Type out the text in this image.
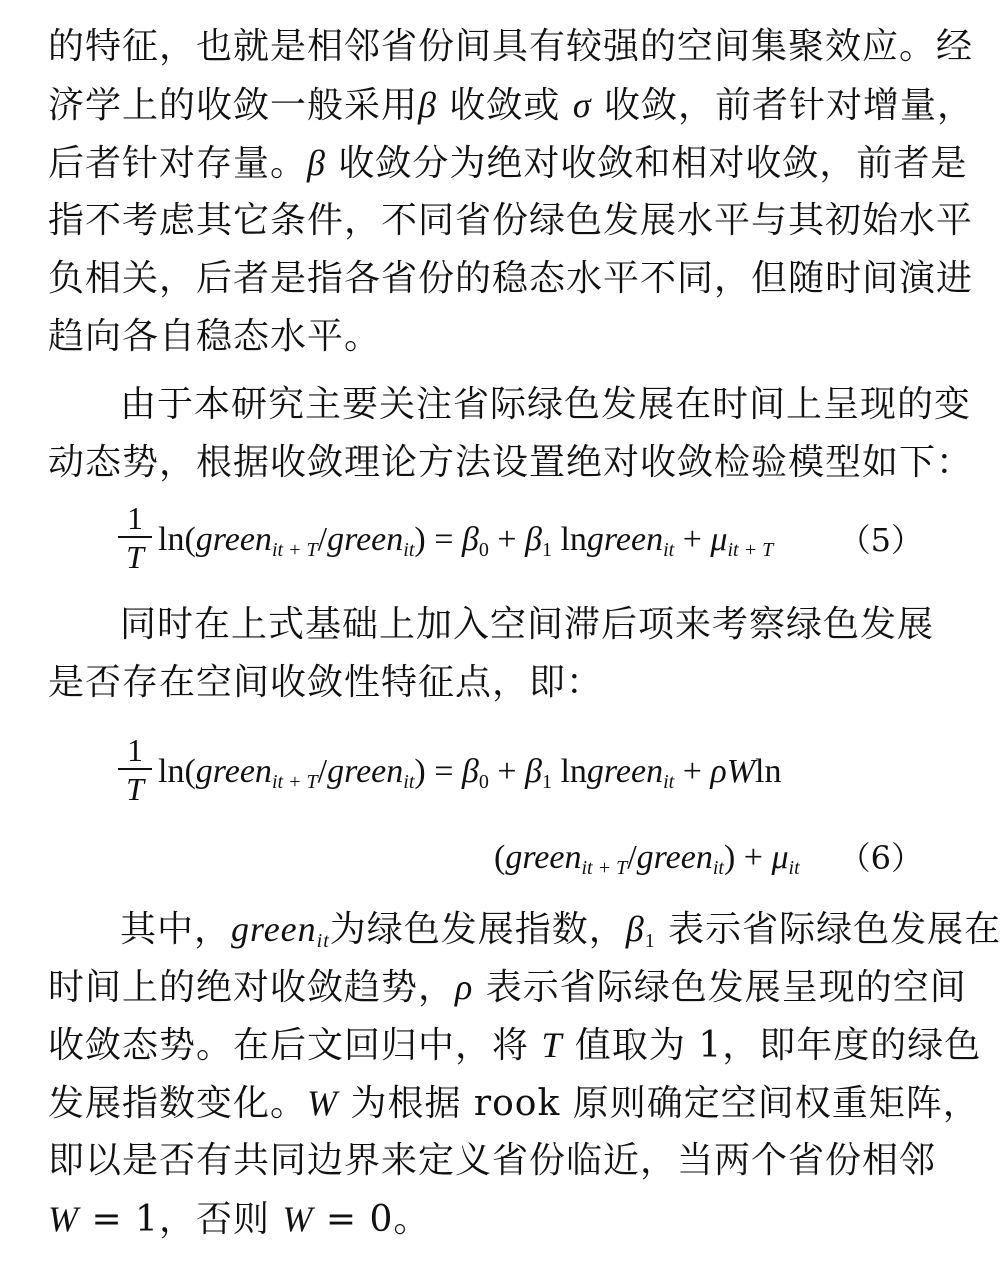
的特征，也就是相邻省份间具有较强的空间集聚效应。经
济学上的收敛一般采用β 收敛或 σ 收敛，前者针对增量，
后者针对存量。β 收敛分为绝对收敛和相对收敛，前者是
指不考虑其它条件，不同省份绿色发展水平与其初始水平
负相关，后者是指各省份的稳态水平不同，但随时间演进
趋向各自稳态水平。
由于本研究主要关注省际绿色发展在时间上呈现的变
动态势，根据收敛理论方法设置绝对收敛检验模型如下：
1
T ln(green$_{it + T}$/green$_{it}$) = $\beta_0 + \beta_1$ lngreen$_{it}$ + $\mu_{it + T}$ （5）
同时在上式基础上加入空间滞后项来考察绿色发展
是否存在空间收敛性特征点，即：
1
T ln(green$_{it + T}$/green$_{it}$) = $\beta_0 + \beta_1$ lngreen$_{it}$ + ρWln
(green$_{it + T}$/green$_{it}$) + $\mu_{it}$ （6）
其中，green$_{it}$为绿色发展指数，$\beta_1$ 表示省际绿色发展在
时间上的绝对收敛趋势，ρ 表示省际绿色发展呈现的空间
收敛态势。在后文回归中，将 T 值取为 1，即年度的绿色
发展指数变化。W 为根据 rook 原则确定空间权重矩阵，
即以是否有共同边界来定义省份临近，当两个省份相邻
W = 1，否则 W = 0。
